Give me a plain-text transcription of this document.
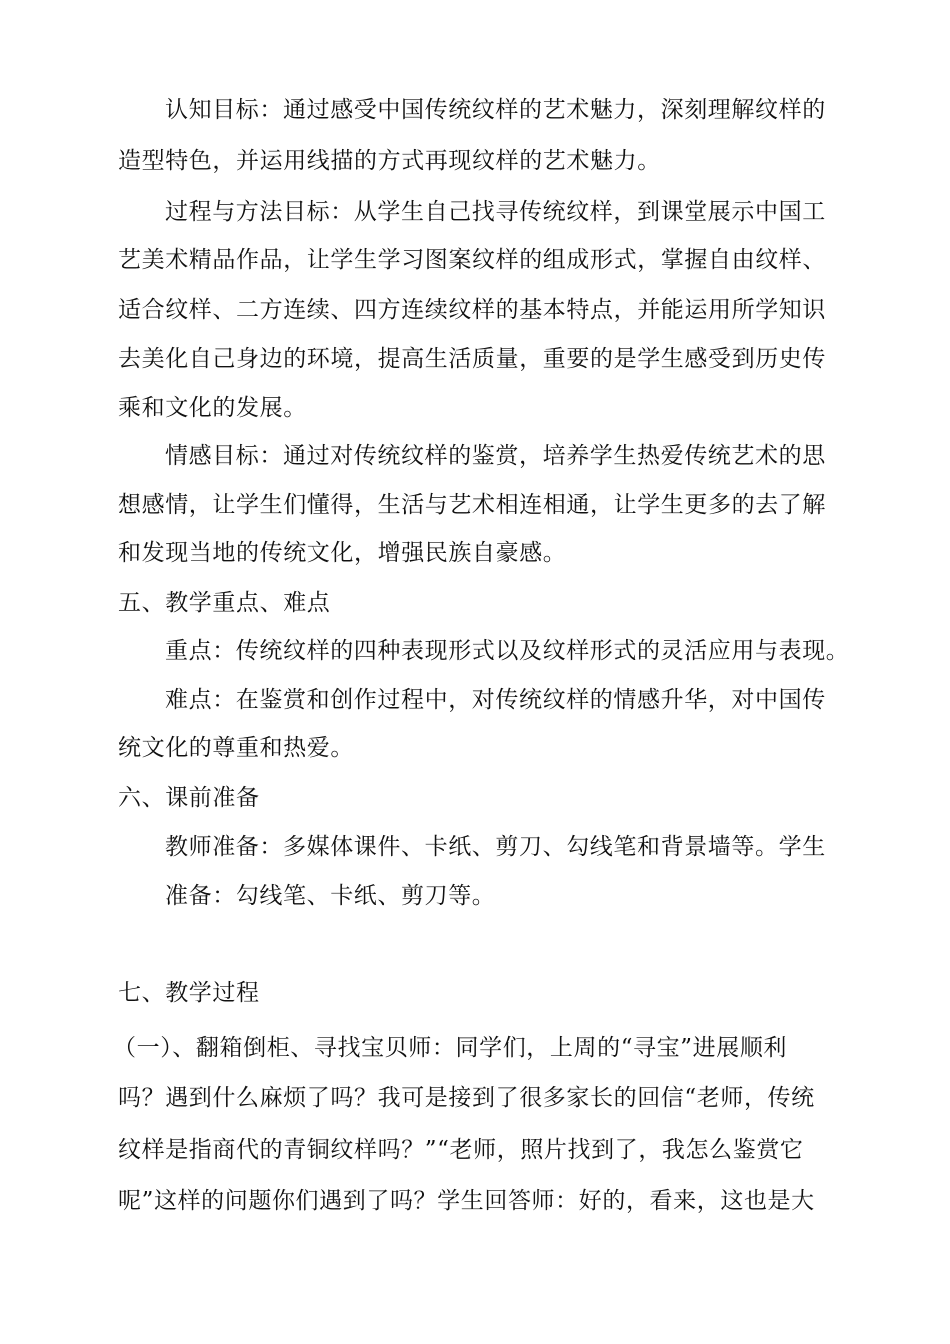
认知目标：通过感受中国传统纹样的艺术魅力，深刻理解纹样的
造型特色，并运用线描的方式再现纹样的艺术魅力。
过程与方法目标：从学生自己找寻传统纹样，到课堂展示中国工
艺美术精品作品，让学生学习图案纹样的组成形式，掌握自由纹样、
适合纹样、二方连续、四方连续纹样的基本特点，并能运用所学知识
去美化自己身边的环境，提高生活质量，重要的是学生感受到历史传
乘和文化的发展。
情感目标：通过对传统纹样的鉴赏，培养学生热爱传统艺术的思
想感情，让学生们懂得，生活与艺术相连相通，让学生更多的去了解
和发现当地的传统文化，增强民族自豪感。
五、教学重点、难点
重点：传统纹样的四种表现形式以及纹样形式的灵活应用与表现。
难点：在鉴赏和创作过程中，对传统纹样的情感升华，对中国传
统文化的尊重和热爱。
六、课前准备
教师准备：多媒体课件、卡纸、剪刀、勾线笔和背景墙等。学生
准备：勾线笔、卡纸、剪刀等。
七、教学过程
（一）、翻箱倒柜、寻找宝贝师：同学们，上周的“寻宝”进展顺利
吗？遇到什么麻烦了吗？我可是接到了很多家长的回信“老师，传统
纹样是指商代的青铜纹样吗？”“老师，照片找到了，我怎么鉴赏它
呢”这样的问题你们遇到了吗？学生回答师：好的，看来，这也是大
